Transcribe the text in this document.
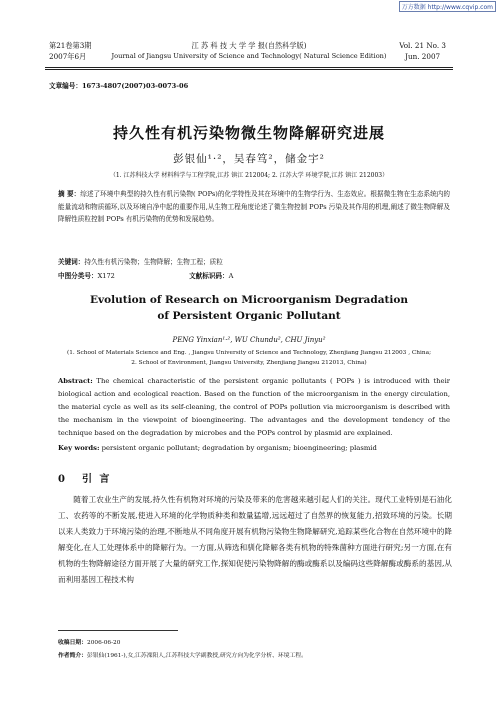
万方数据 http://www.cqvip.com
第21卷第3期
2007年6月
江 苏 科 技 大 学 学 报(自然科学版)
Journal of Jiangsu University of Science and Technology( Natural Science Edition)
Vol. 21 No. 3
Jun. 2007
文章编号：1673-4807(2007)03-0073-06
持久性有机污染物微生物降解研究进展
彭银仙¹·²，吴春笃²，储金宇²
（1. 江苏科技大学 材料科学与工程学院,江苏 镇江 212004; 2. 江苏大学 环境学院,江苏 镇江 212003）
摘 要：综述了环境中典型的持久性有机污染物( POPs)的化学特性及其在环境中的生物学行为、生态效应。根据微生物在生态系统内的能量流动和物质循环,以及环境自净中起的重要作用,从生物工程角度论述了微生物控制 POPs 污染及其作用的机理,阐述了微生物降解及降解性质粒控制 POPs 有机污染物的优势和发展趋势。
关键词：持久性有机污染物；生物降解；生物工程；质粒
中图分类号：X172	文献标识码：A
Evolution of Research on Microorganism Degradation
of Persistent Organic Pollutant
PENG Yinxian¹·², WU Chundu², CHU Jinyu²
(1. School of Materials Science and Eng. , Jiangsu University of Science and Technology, Zhenjiang Jiangsu 212003 , China;
2. School of Environment, Jiangsu University, Zhenjiang Jiangsu 212013, China)
Abstract: The chemical characteristic of the persistent organic pollutants ( POPs ) is introduced with their biological action and ecological reaction. Based on the function of the microorganism in the energy circulation, the material cycle as well as its self-cleaning, the control of POPs pollution via microorganism is described with the mechanism in the viewpoint of bioengineering. The advantages and the development tendency of the technique based on the degradation by microbes and the POPs control by plasmid are explained.
Key words: persistent organic pollutant; degradation by organism; bioengineering; plasmid
0 引 言
随着工农业生产的发展,持久性有机物对环境的污染及带来的危害越来越引起人们的关注。现代工业特别是石油化工、农药等的不断发展,使进入环境的化学物质种类和数量猛增,远远超过了自然界的恢复能力,招致环境的污染。长期以来人类致力于环境污染的治理,不断地从不同角度开展有机物污染物生物降解研究,追踪某些化合物在自然环境中的降解变化,在人工处理体系中的降解行为。一方面,从筛选和驯化降解各类有机物的特殊菌种方面进行研究;另一方面,在有机物的生物降解途径方面开展了大量的研究工作,探知促使污染物降解的酶或酶系以及编码这些降解酶或酶系的基因,从而利用基因工程技术构
收稿日期：2006-06-20
作者简介：彭银仙(1961-),女,江苏溧阳人,江苏科技大学副教授,研究方向为化学分析、环境工程。
